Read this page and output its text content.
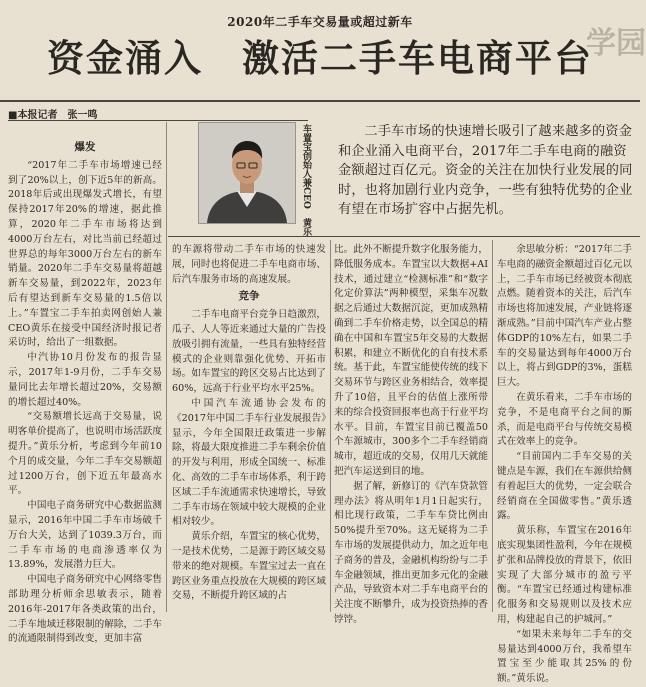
2020年二手车交易量或超过新车
资金涌入　激活二手车电商平台
学园
■本报记者　张一鸣
车置宝创始人兼CEO　黄乐	二手车市场的快速增长吸引了越来越多的资金和企业涌入电商平台，2017年二手车电商的融资金额超过百亿元。资金的关注在加快行业发展的同时，也将加剧行业内竞争，一些有独特优势的企业有望在市场扩容中占据先机。
爆发

“2017年二手车市场增速已经到了20%以上，创下近5年的新高。2018年后或出现爆发式增长，有望保持2017年20%的增速，据此推算，2020年二手车市场将达到4000万台左右，对比当前已经超过世界总的每年3000万台左右的新车销量。2020年二手车交易量将超越新车交易量，到2022年，2023年后有望达到新车交易量的1.5倍以上。”车置宝二手车拍卖网创始人兼CEO黄乐在接受中国经济时报记者采访时，给出了一组数据。

中汽协10月份发布的报告显示，2017年1-9月份，二手车交易量同比去年增长超过20%，交易额的增长超过40%。

“交易额增长远高于交易量，说明客单价提高了，也说明市场活跃度提升。”黄乐分析，考虑到今年前10个月的成交量，今年二手车交易额超过1200万台，创下近五年最高水平。

中国电子商务研究中心数据监测显示，2016年中国二手车市场破千万台大关，达到了1039.3万台，而二手车市场的电商渗透率仅为13.89%，发展潜力巨大。

中国电子商务研究中心网络零售部助理分析师余思敏表示，随着2016年-2017年各类政策的出台，二手车地域迁移限制的解除，二手车的流通限制得到改变，更加丰富

的车源将带动二手车市场的快速发展，同时也将促进二手车电商市场、后汽车服务市场的高速发展。

竞争

二手车电商平台竞争日趋激烈，瓜子、人人等近来通过大量的广告投放吸引拥有流量，一些具有独特经营模式的企业则靠强化优势、开拓市场。如车置宝的跨区交易占比达到了60%，远高于行业平均水平25%。

中国汽车流通协会发布的《2017年中国二手车行业发展报告》显示，今年全国限迁政策进一步解除，将最大限度推进二手车剩余价值的开发与利用，形成全国统一、标准化、高效的二手车市场体系，利于跨区域二手车流通需求快速增长，导致二手车市场在领域中较大规模的企业相对较少。

黄乐介绍，车置宝的核心优势，一是技术优势，二是源于跨区域交易带来的绝对规模。车置宝过去一直在跨区业务重点投放在大规模的跨区域交易，不断提升跨区域的占

比。此外不断提升数字化服务能力，降低服务成本。车置宝以大数据+AI技术，通过建立“检测标准”和“数字化定价算法”两种模型，采集车况数据之后通过大数据沉淀，更加成熟精确到二手车价格走势，以全国总的精确在中国和车置宝5年交易的大数据积累，和建立不断优化的自有技术系统。基于此，车置宝能使传统的线下交易环节与跨区业务相结合，效率提升了10倍，且平台的估值上涨所带来的综合投资回报率也高于行业平均水平。目前，车置宝目前已覆盖50个车源城市，300多个二手车经销商城市，超近成的交易，仅用几天就能把汽车运送到目的地。

据了解，新修订的《汽车贷款管理办法》将从明年1月1日起实行，相比现行政策，二手车车贷比例由50%提升至70%。这无疑将为二手车市场的发展提供动力，加之近年电子商务的普及，金融机构纷纷与二手车金融领域，推出更加多元化的金融产品，导致资本对二手车电商平台的关注度不断攀升，成为投资热捧的香饽饽。

余思敏分析：“2017年二手车电商的融资金额超过百亿元以上，二手车市场已经被资本彻底点燃。随着资本的关注，后汽车市场也将加速发展，产业链将逐渐成熟。”目前中国汽车产业占整体GDP的10%左右，如果二手车的交易量达到每年4000万台以上，将占到GDP的3%，蛋糕巨大。

在黄乐看来，二手车市场的竞争，不是电商平台之间的厮杀，而是电商平台与传统交易模式在效率上的竞争。

“目前国内二手车交易的关键点是车源，我们在车源供给侧有着起巨大的优势，一定会联合经销商在全国做零售。”黄乐透露。

黄乐称，车置宝在2016年底实现集团性盈利，今年在规模扩张和品牌投放的背景下，依旧实现了大部分城市的盈亏平衡。“车置宝已经通过构建标准化服务和交易规则以及技术应用，构建起自己的护城河。”

“如果未来每年二手车的交易量达到4000万台，我希望车置宝至少能取其25%的份额。”黄乐说。
